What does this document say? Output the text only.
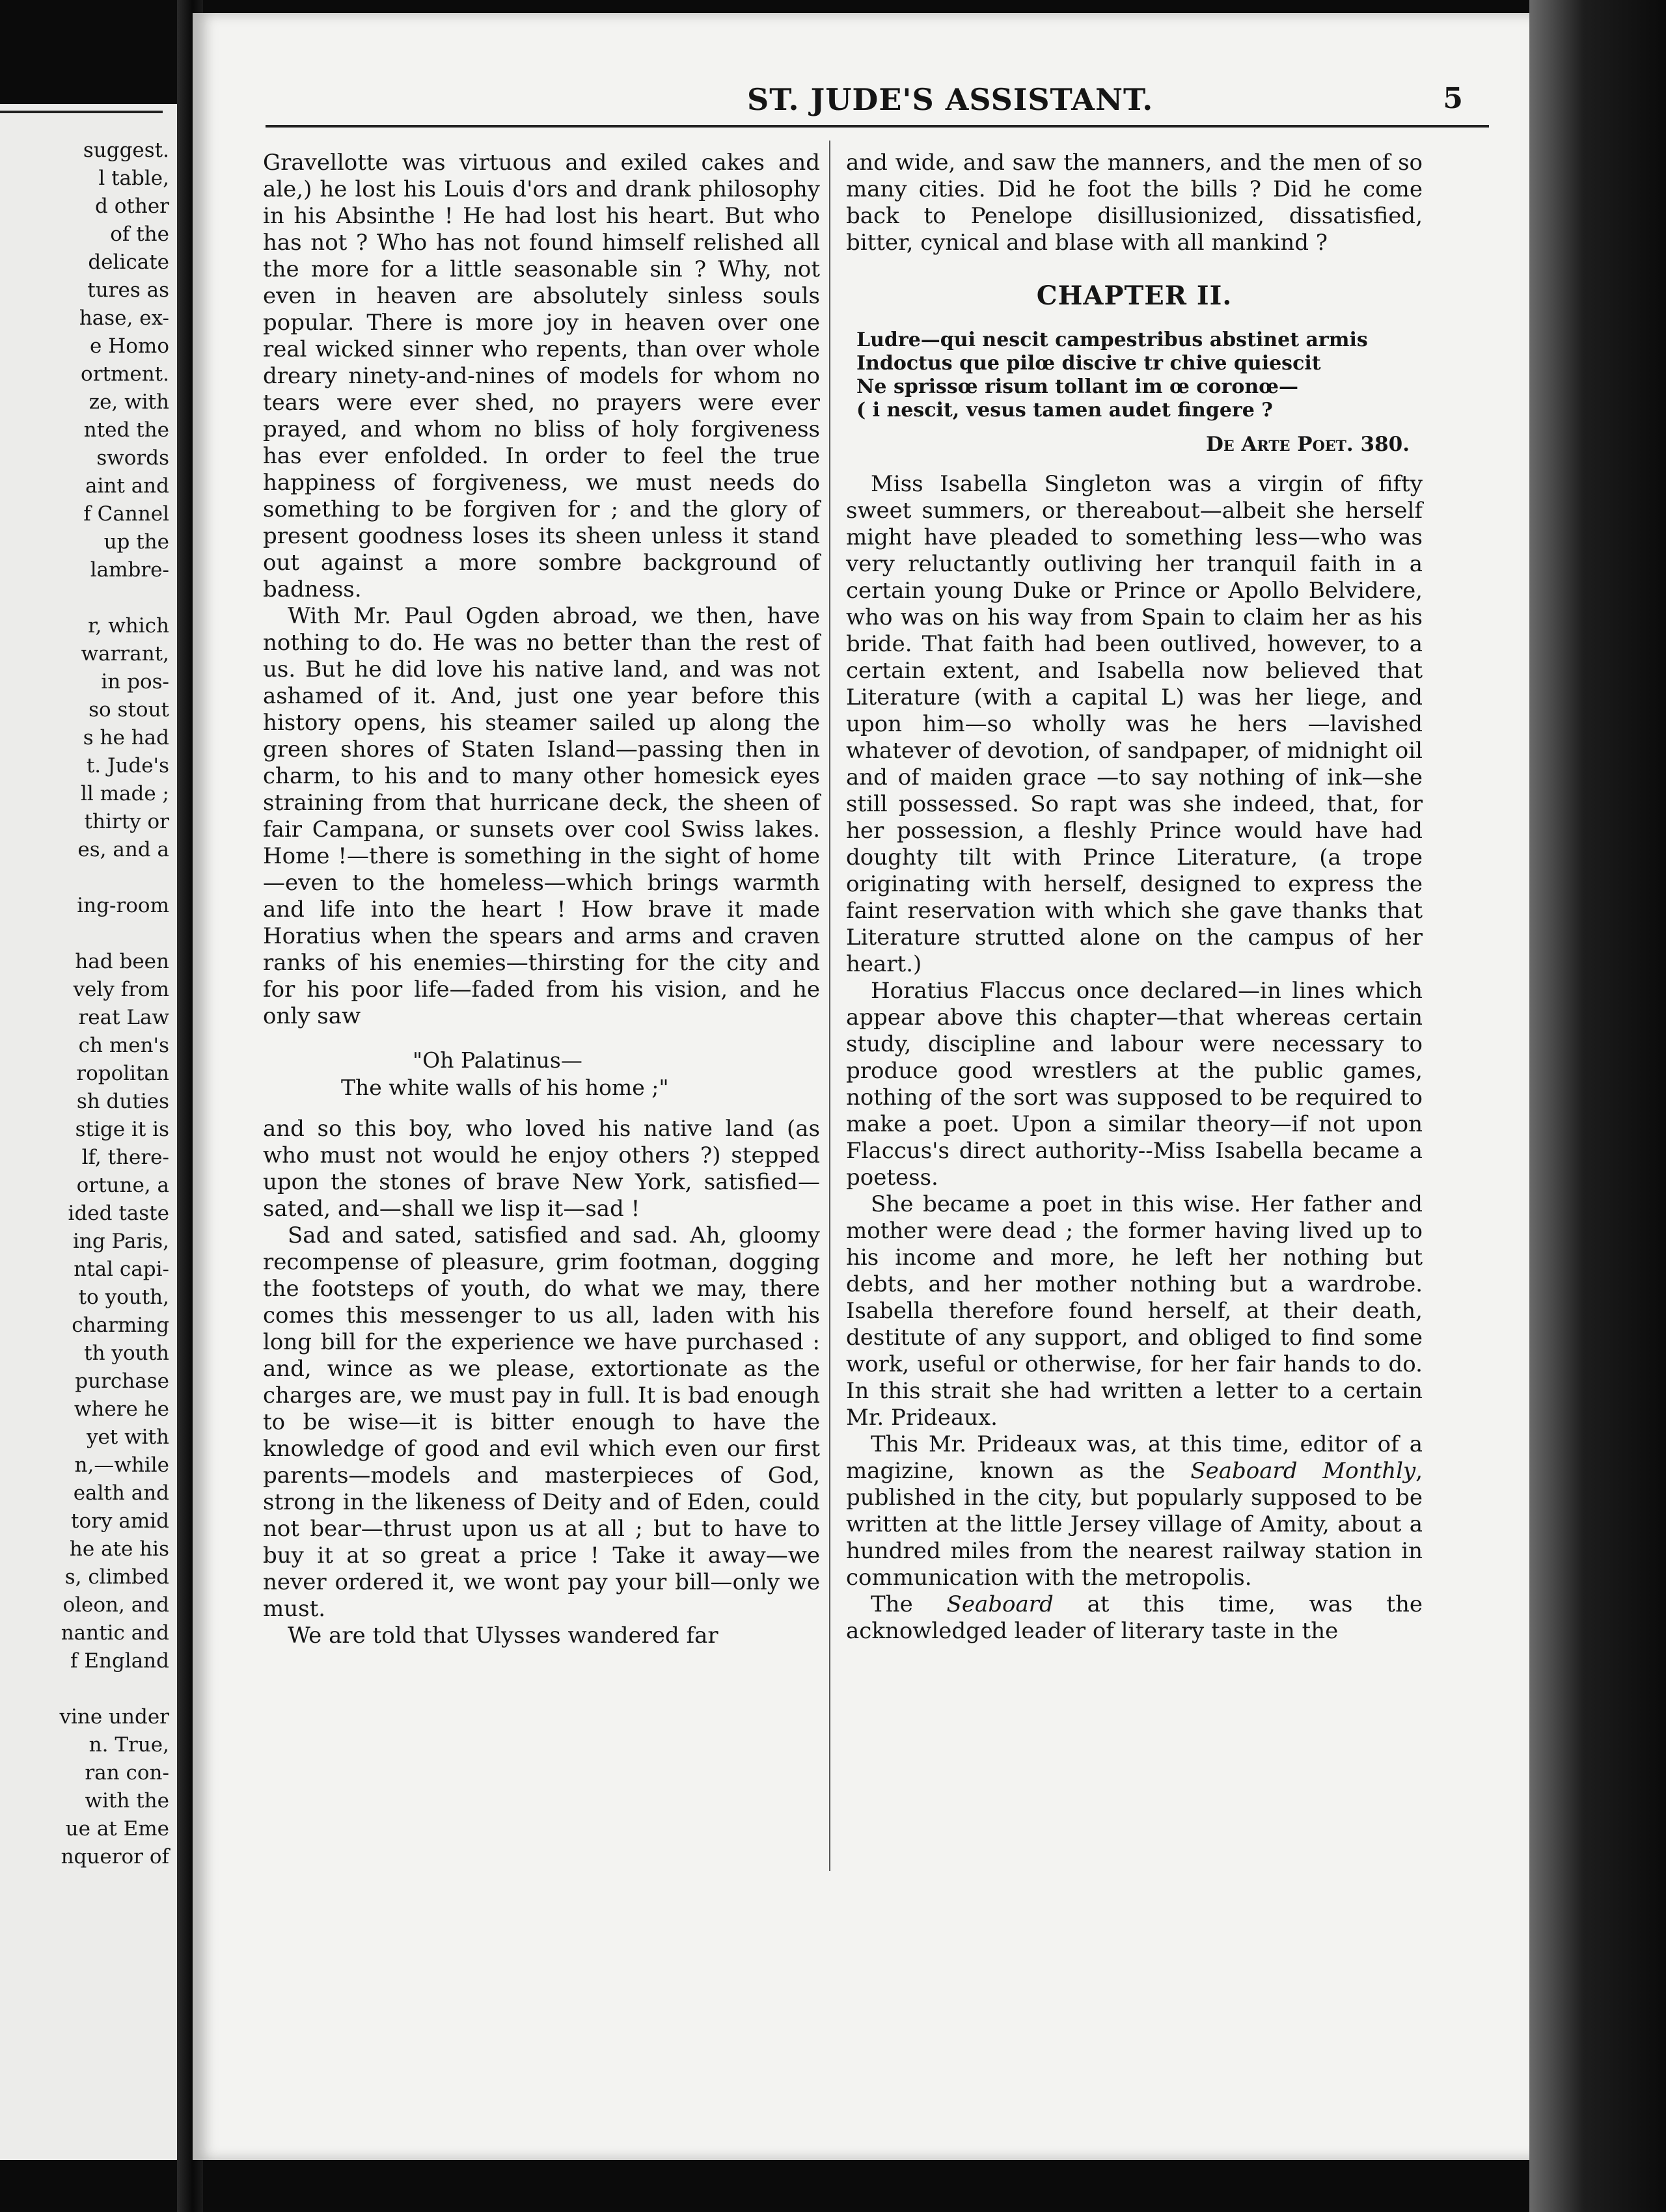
suggest.
l table,
d other
of the
delicate
tures as
hase, ex-
e Homo
ortment.
ze, with
nted the
swords
aint and
f Cannel
up the
lambre-
r, which
warrant,
in pos-
so stout
s he had
t. Jude's
ll made ;
thirty or
es, and a
ing-room
had been
vely from
reat Law
ch men's
ropolitan
sh duties
stige it is
lf, there-
ortune, a
ided taste
ing Paris,
ntal capi-
to youth,
charming
th youth
purchase
where he
yet with
n,—while
ealth and
tory amid
he ate his
s, climbed
oleon, and
nantic and
f England
vine under
n. True,
ran con-
with the
ue at Eme
nqueror of
ST. JUDE'S ASSISTANT.	5

Gravellotte was virtuous and exiled cakes and ale,) he lost his Louis d'ors and drank philosophy in his Absinthe ! He had lost his heart. But who has not ? Who has not found himself relished all the more for a little seasonable sin ? Why, not even in heaven are absolutely sinless souls popular. There is more joy in heaven over one real wicked sinner who repents, than over whole dreary ninety-and-nines of models for whom no tears were ever shed, no prayers were ever prayed, and whom no bliss of holy forgiveness has ever enfolded. In order to feel the true happiness of forgiveness, we must needs do something to be forgiven for ; and the glory of present goodness loses its sheen unless it stand out against a more sombre background of badness.

With Mr. Paul Ogden abroad, we then, have nothing to do. He was no better than the rest of us. But he did love his native land, and was not ashamed of it. And, just one year before this history opens, his steamer sailed up along the green shores of Staten Island—passing then in charm, to his and to many other homesick eyes straining from that hurricane deck, the sheen of fair Campana, or sunsets over cool Swiss lakes. Home !—there is something in the sight of home—even to the homeless—which brings warmth and life into the heart ! How brave it made Horatius when the spears and arms and craven ranks of his enemies—thirsting for the city and for his poor life—faded from his vision, and he only saw

"Oh Palatinus—
The white walls of his home ;"

and so this boy, who loved his native land (as who must not would he enjoy others ?) stepped upon the stones of brave New York, satisfied—sated, and—shall we lisp it—sad !

Sad and sated, satisfied and sad. Ah, gloomy recompense of pleasure, grim footman, dogging the footsteps of youth, do what we may, there comes this messenger to us all, laden with his long bill for the experience we have purchased : and, wince as we please, extortionate as the charges are, we must pay in full. It is bad enough to be wise—it is bitter enough to have the knowledge of good and evil which even our first parents—models and masterpieces of God, strong in the likeness of Deity and of Eden, could not bear—thrust upon us at all ; but to have to buy it at so great a price ! Take it away—we never ordered it, we wont pay your bill—only we must.

We are told that Ulysses wandered far

and wide, and saw the manners, and the men of so many cities. Did he foot the bills ? Did he come back to Penelope disillusionized, dissatisfied, bitter, cynical and blase with all mankind ?

CHAPTER II.
Ludre—qui nescit campestribus abstinet armis
Indoctus que pilœ discive tr chive quiescit
Ne sprissœ risum tollant im œ coronœ—
( i nescit, vesus tamen audet fingere ?
De Arte Poet. 380.

Miss Isabella Singleton was a virgin of fifty sweet summers, or thereabout—albeit she herself might have pleaded to something less—who was very reluctantly outliving her tranquil faith in a certain young Duke or Prince or Apollo Belvidere, who was on his way from Spain to claim her as his bride. That faith had been outlived, however, to a certain extent, and Isabella now believed that Literature (with a capital L) was her liege, and upon him—so wholly was he hers —lavished whatever of devotion, of sandpaper, of midnight oil and of maiden grace —to say nothing of ink—she still possessed. So rapt was she indeed, that, for her possession, a fleshly Prince would have had doughty tilt with Prince Literature, (a trope originating with herself, designed to express the faint reservation with which she gave thanks that Literature strutted alone on the campus of her heart.)

Horatius Flaccus once declared—in lines which appear above this chapter—that whereas certain study, discipline and labour were necessary to produce good wrestlers at the public games, nothing of the sort was supposed to be required to make a poet. Upon a similar theory—if not upon Flaccus's direct authority--Miss Isabella became a poetess.

She became a poet in this wise. Her father and mother were dead ; the former having lived up to his income and more, he left her nothing but debts, and her mother nothing but a wardrobe. Isabella therefore found herself, at their death, destitute of any support, and obliged to find some work, useful or otherwise, for her fair hands to do. In this strait she had written a letter to a certain Mr. Prideaux.

This Mr. Prideaux was, at this time, editor of a magizine, known as the Seaboard Monthly, published in the city, but popularly supposed to be written at the little Jersey village of Amity, about a hundred miles from the nearest railway station in communication with the metropolis.

The Seaboard at this time, was the acknowledged leader of literary taste in the
